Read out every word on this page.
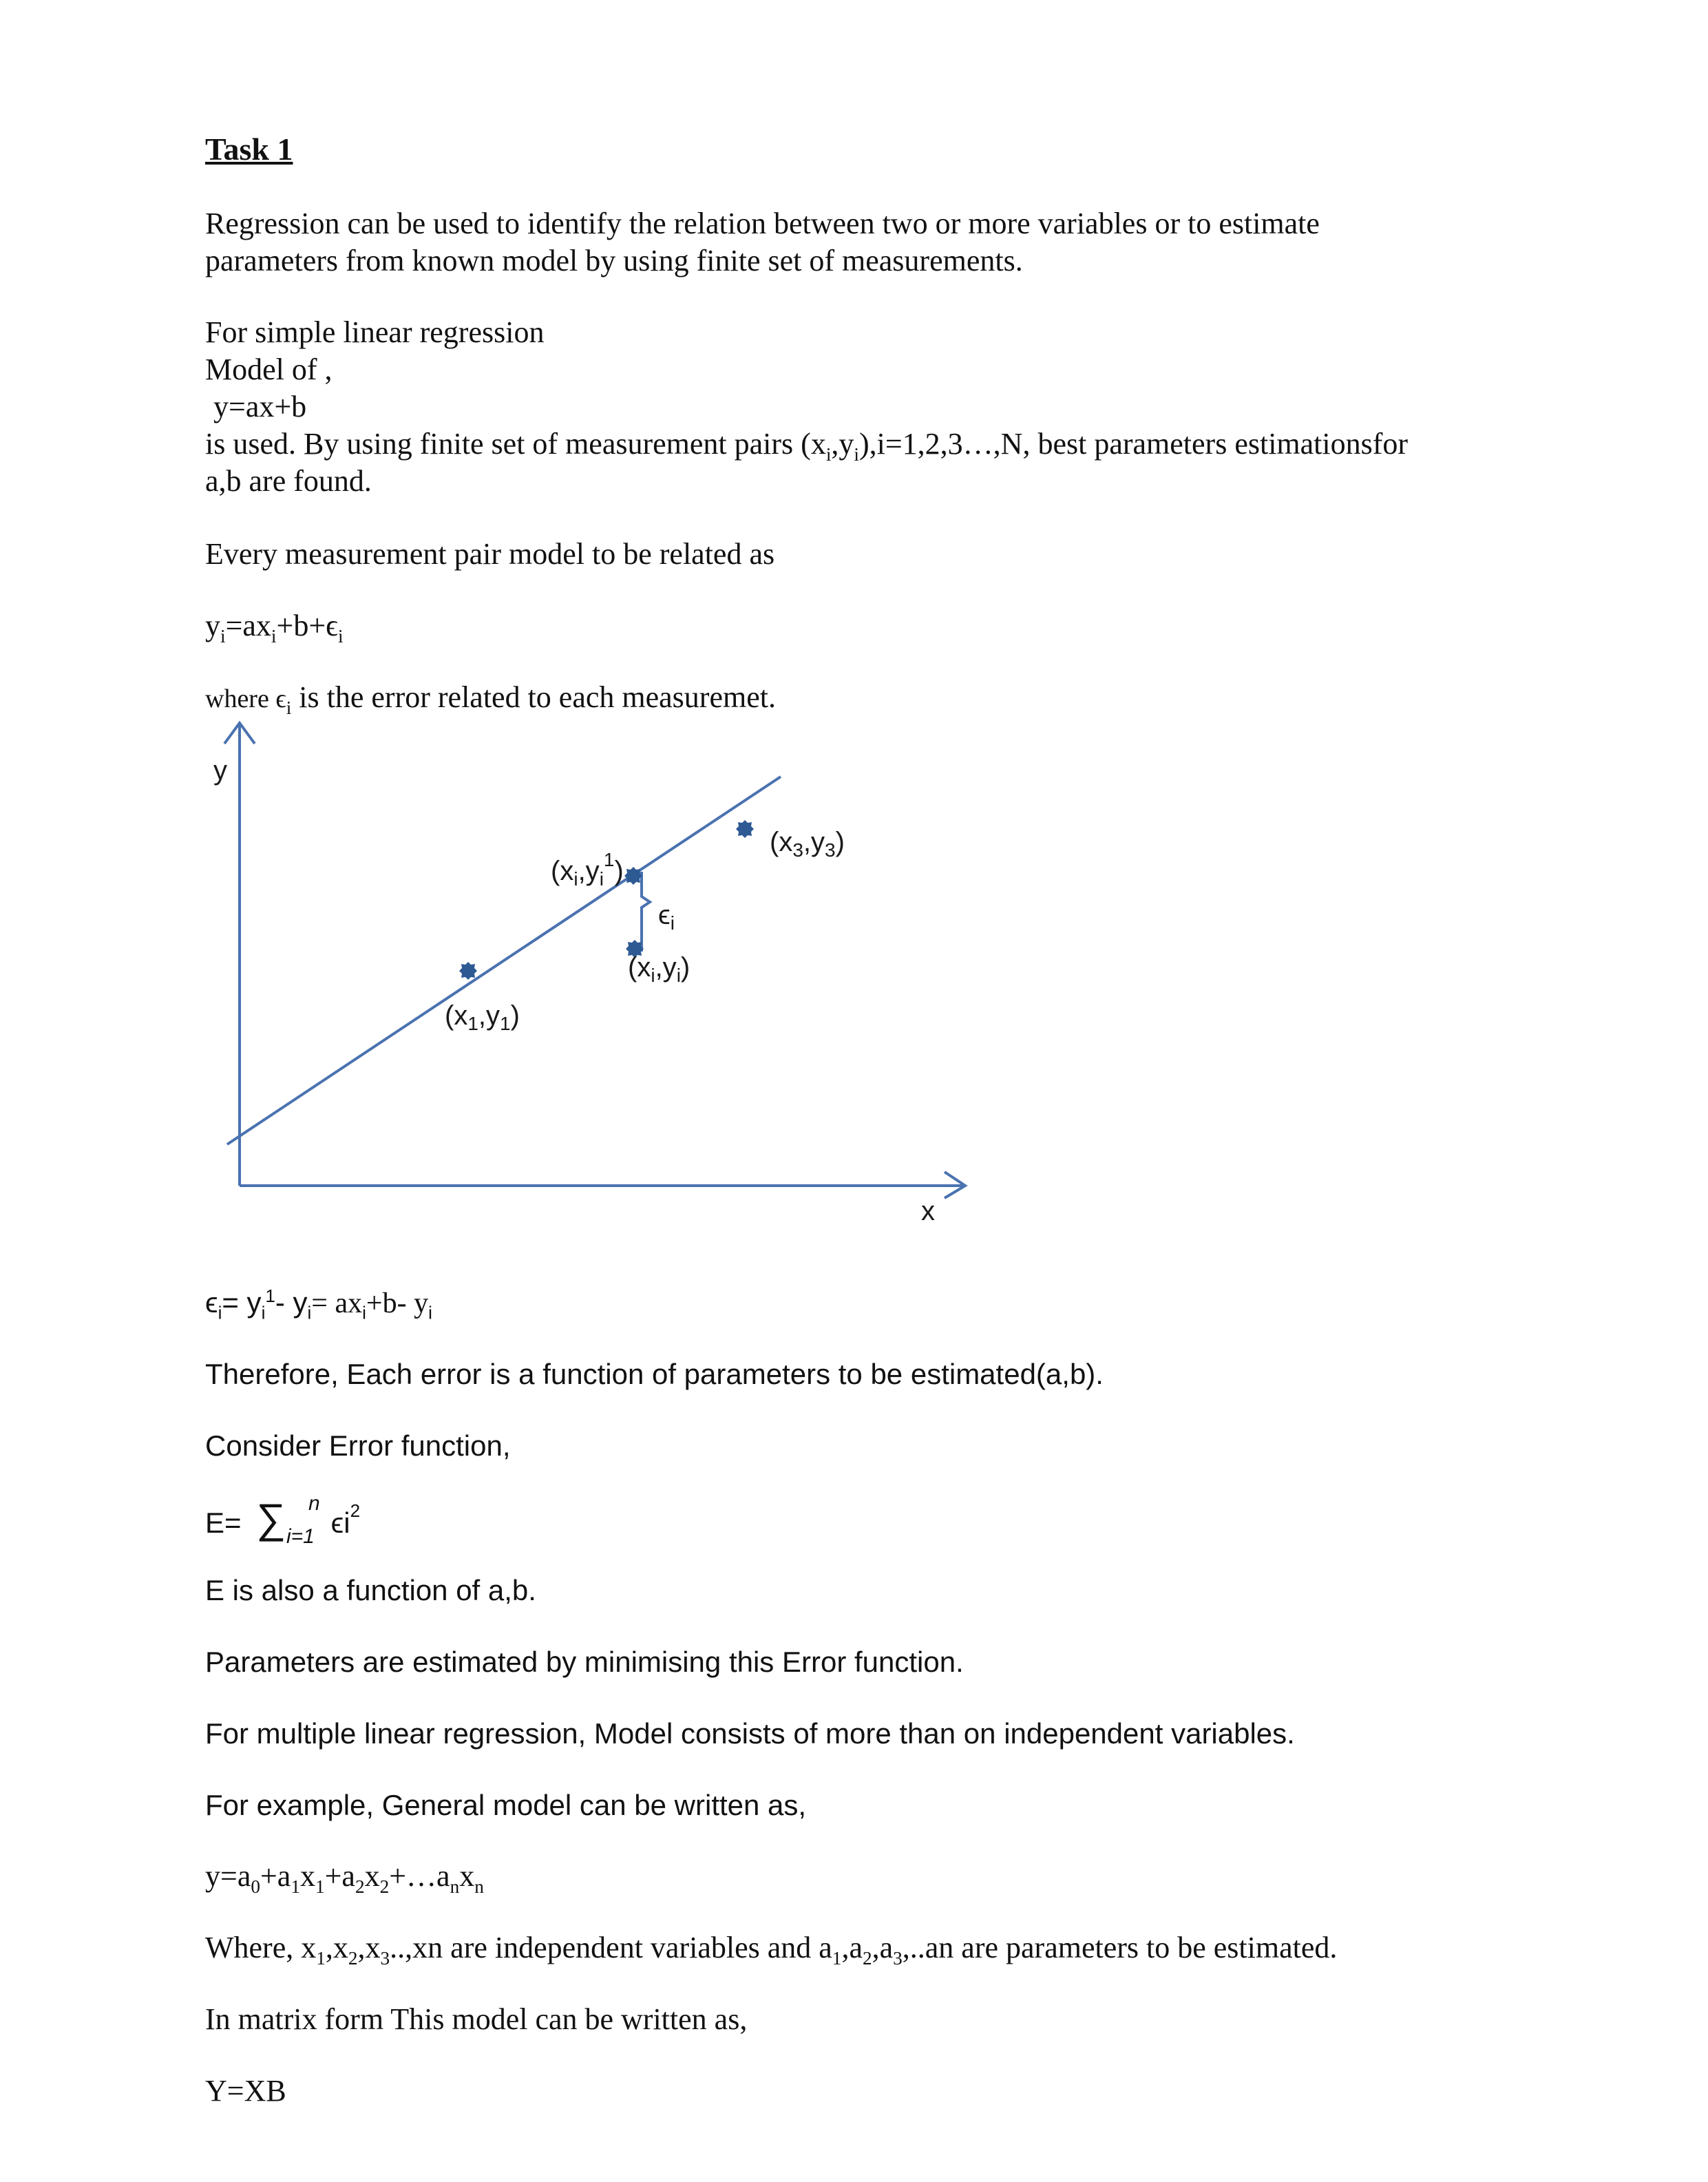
Task 1
Regression can be used to identify the relation between two or more variables or to estimate
parameters from known model by using finite set of measurements.
For simple linear regression
Model of ,
y=ax+b
is used. By using finite set of measurement pairs $(x_i,y_i),i=1,2,3\dots,N$, best parameters estimationsfor
a,b are found.
Every measurement pair model to be related as
$y_i=ax_i+b+\epsilon_i$
where $\epsilon_i$ is the error related to each measuremet.
y
x
$(x_1,y_1)$
$(x_3,y_3)$
$(x_i,y_i^1)$
$(x_i,y_i)$
$\epsilon_i$
$\epsilon_i= y_i^1-$ $y_i= ax_i+b-$ $y_i$
Therefore, Each error is a function of parameters to be estimated(a,b).
Consider Error function,
E= ∑ n
i=1 $\epsilon i^2$
E is also a function of a,b.
Parameters are estimated by minimising this Error function.
For multiple linear regression, Model consists of more than on independent variables.
For example, General model can be written as,
$y=a_0+a_1x_1+a_2x_2+\dots a_nx_n$
Where, $x_1,x_2,x_3..,xn$ are independent variables and $a_1,a_2,a_3,..an$ are parameters to be estimated.
In matrix form This model can be written as,
Y=XB
